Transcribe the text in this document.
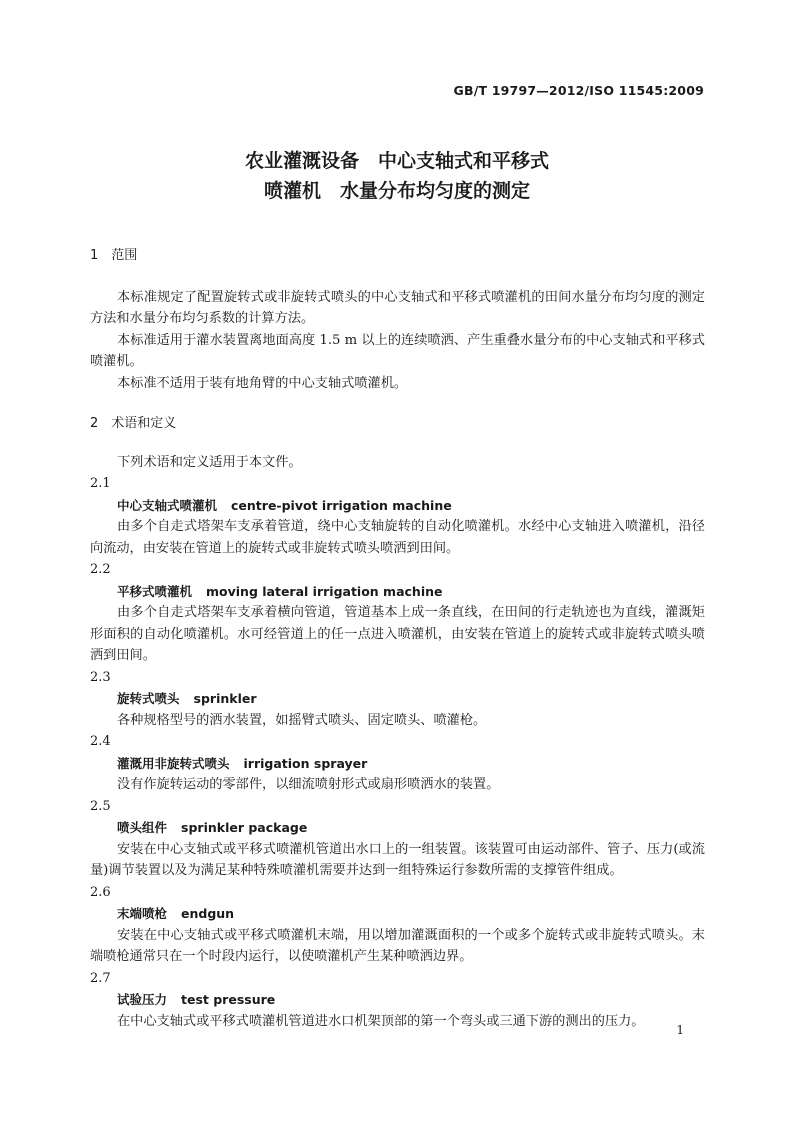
GB/T 19797—2012/ISO 11545:2009
农业灌溉设备　中心支轴式和平移式
喷灌机　水量分布均匀度的测定
1　范围
本标准规定了配置旋转式或非旋转式喷头的中心支轴式和平移式喷灌机的田间水量分布均匀度的测定方法和水量分布均匀系数的计算方法。
本标准适用于灌水装置离地面高度 1.5 m 以上的连续喷洒、产生重叠水量分布的中心支轴式和平移式喷灌机。
本标准不适用于装有地角臂的中心支轴式喷灌机。
2　术语和定义
下列术语和定义适用于本文件。
2.1
中心支轴式喷灌机 centre-pivot irrigation machine
由多个自走式塔架车支承着管道，绕中心支轴旋转的自动化喷灌机。水经中心支轴进入喷灌机，沿径向流动，由安装在管道上的旋转式或非旋转式喷头喷洒到田间。
2.2
平移式喷灌机 moving lateral irrigation machine
由多个自走式塔架车支承着横向管道，管道基本上成一条直线，在田间的行走轨迹也为直线，灌溉矩形面积的自动化喷灌机。水可经管道上的任一点进入喷灌机，由安装在管道上的旋转式或非旋转式喷头喷洒到田间。
2.3
旋转式喷头 sprinkler
各种规格型号的洒水装置，如摇臂式喷头、固定喷头、喷灌枪。
2.4
灌溉用非旋转式喷头 irrigation sprayer
没有作旋转运动的零部件，以细流喷射形式或扇形喷洒水的装置。
2.5
喷头组件 sprinkler package
安装在中心支轴式或平移式喷灌机管道出水口上的一组装置。该装置可由运动部件、管子、压力(或流量)调节装置以及为满足某种特殊喷灌机需要并达到一组特殊运行参数所需的支撑管件组成。
2.6
末端喷枪 endgun
安装在中心支轴式或平移式喷灌机末端，用以增加灌溉面积的一个或多个旋转式或非旋转式喷头。末端喷枪通常只在一个时段内运行，以使喷灌机产生某种喷洒边界。
2.7
试验压力 test pressure
在中心支轴式或平移式喷灌机管道进水口机架顶部的第一个弯头或三通下游的测出的压力。
1
